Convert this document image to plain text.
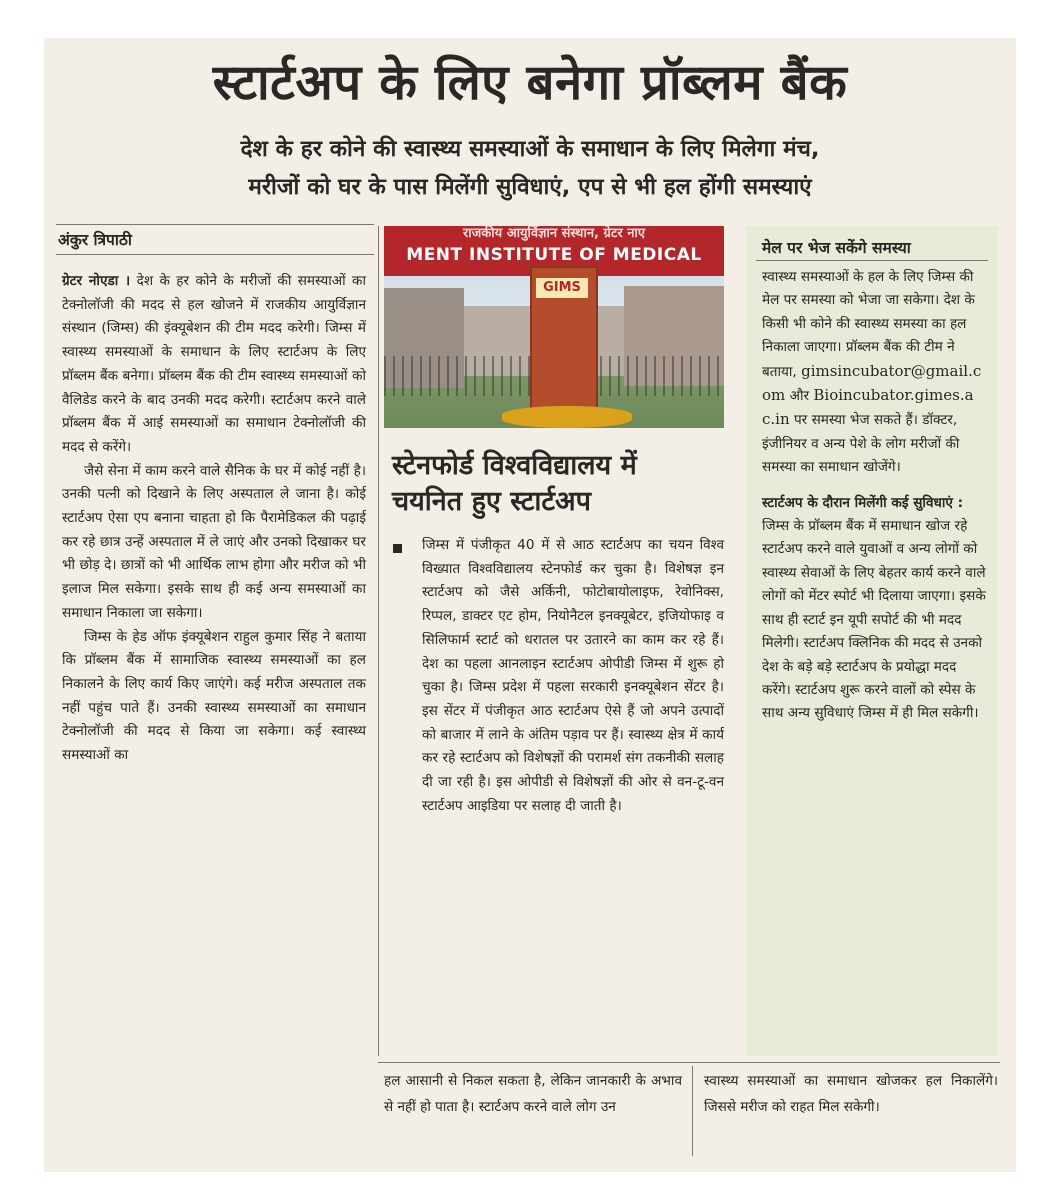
स्टार्टअप के लिए बनेगा प्रॉब्लम बैंक
देश के हर कोने की स्वास्थ्य समस्याओं के समाधान के लिए मिलेगा मंच,
मरीजों को घर के पास मिलेंगी सुविधाएं, एप से भी हल होंगी समस्याएं
अंकुर त्रिपाठी

ग्रेटर नोएडा । देश के हर कोने के मरीजों की समस्याओं का टेक्नोलॉजी की मदद से हल खोजने में राजकीय आयुर्विज्ञान संस्थान (जिम्स) की इंक्यूबेशन की टीम मदद करेगी। जिम्स में स्वास्थ्य समस्याओं के समाधान के लिए स्टार्टअप के लिए प्रॉब्लम बैंक बनेगा। प्रॉब्लम बैंक की टीम स्वास्थ्य समस्याओं को वैलिडेड करने के बाद उनकी मदद करेगी। स्टार्टअप करने वाले प्रॉब्लम बैंक में आई समस्याओं का समाधान टेक्नोलॉजी की मदद से करेंगे।

जैसे सेना में काम करने वाले सैनिक के घर में कोई नहीं है। उनकी पत्नी को दिखाने के लिए अस्पताल ले जाना है। कोई स्टार्टअप ऐसा एप बनाना चाहता हो कि पैरामेडिकल की पढ़ाई कर रहे छात्र उन्हें अस्पताल में ले जाएं और उनको दिखाकर घर भी छोड़ दे। छात्रों को भी आर्थिक लाभ होगा और मरीज को भी इलाज मिल सकेगा। इसके साथ ही कई अन्य समस्याओं का समाधान निकाला जा सकेगा।

जिम्स के हेड ऑफ इंक्यूबेशन राहुल कुमार सिंह ने बताया कि प्रॉब्लम बैंक में सामाजिक स्वास्थ्य समस्याओं का हल निकालने के लिए कार्य किए जाएंगे। कई मरीज अस्पताल तक नहीं पहुंच पाते हैं। उनकी स्वास्थ्य समस्याओं का समाधान टेक्नोलॉजी की मदद से किया जा सकेगा। कई स्वास्थ्य समस्याओं का

राजकीय आयुर्विज्ञान संस्थान, ग्रेटर नाए
MENT INSTITUTE OF MEDICAL
GIMS
स्टेनफोर्ड विश्वविद्यालय में
चयनित हुए स्टार्टअप
जिम्स में पंजीकृत 40 में से आठ स्टार्टअप का चयन विश्व विख्यात विश्वविद्यालय स्टेनफोर्ड कर चुका है। विशेषज्ञ इन स्टार्टअप को जैसे अर्किनी, फोटोबायोलाइफ, रेवोनिक्स, रिप्पल, डाक्टर एट होम, नियोनैटल इनक्यूबेटर, इजियोफाइ व सिलिफार्म स्टार्ट को धरातल पर उतारने का काम कर रहे हैं। देश का पहला आनलाइन स्टार्टअप ओपीडी जिम्स में शुरू हो चुका है। जिम्स प्रदेश में पहला सरकारी इनक्यूबेशन सेंटर है। इस सेंटर में पंजीकृत आठ स्टार्टअप ऐसे हैं जो अपने उत्पादों को बाजार में लाने के अंतिम पड़ाव पर हैं। स्वास्थ्य क्षेत्र में कार्य कर रहे स्टार्टअप को विशेषज्ञों की परामर्श संग तकनीकी सलाह दी जा रही है। इस ओपीडी से विशेषज्ञों की ओर से वन-टू-वन स्टार्टअप आइडिया पर सलाह दी जाती है।
मेल पर भेज सकेंगे समस्या

स्वास्थ्य समस्याओं के हल के लिए जिम्स की मेल पर समस्या को भेजा जा सकेगा। देश के किसी भी कोने की स्वास्थ्य समस्या का हल निकाला जाएगा। प्रॉब्लम बैंक की टीम ने बताया, gimsincubator@gmail.com और Bioincubator.gimes.ac.in पर समस्या भेज सकते हैं। डॉक्टर, इंजीनियर व अन्य पेशे के लोग मरीजों की समस्या का समाधान खोजेंगे।

स्टार्टअप के दौरान मिलेंगी कई सुविधाएं : जिम्स के प्रॉब्लम बैंक में समाधान खोज रहे स्टार्टअप करने वाले युवाओं व अन्य लोगों को स्वास्थ्य सेवाओं के लिए बेहतर कार्य करने वाले लोगों को मेंटर स्पोर्ट भी दिलाया जाएगा। इसके साथ ही स्टार्ट इन यूपी सपोर्ट की भी मदद मिलेगी। स्टार्टअप क्लिनिक की मदद से उनको देश के बड़े बड़े स्टार्टअप के प्रयोद्धा मदद करेंगे। स्टार्टअप शुरू करने वालों को स्पेस के साथ अन्य सुविधाएं जिम्स में ही मिल सकेगी।

हल आसानी से निकल सकता है, लेकिन जानकारी के अभाव से नहीं हो पाता है। स्टार्टअप करने वाले लोग उन
स्वास्थ्य समस्याओं का समाधान खोजकर हल निकालेंगे। जिससे मरीज को राहत मिल सकेगी।
